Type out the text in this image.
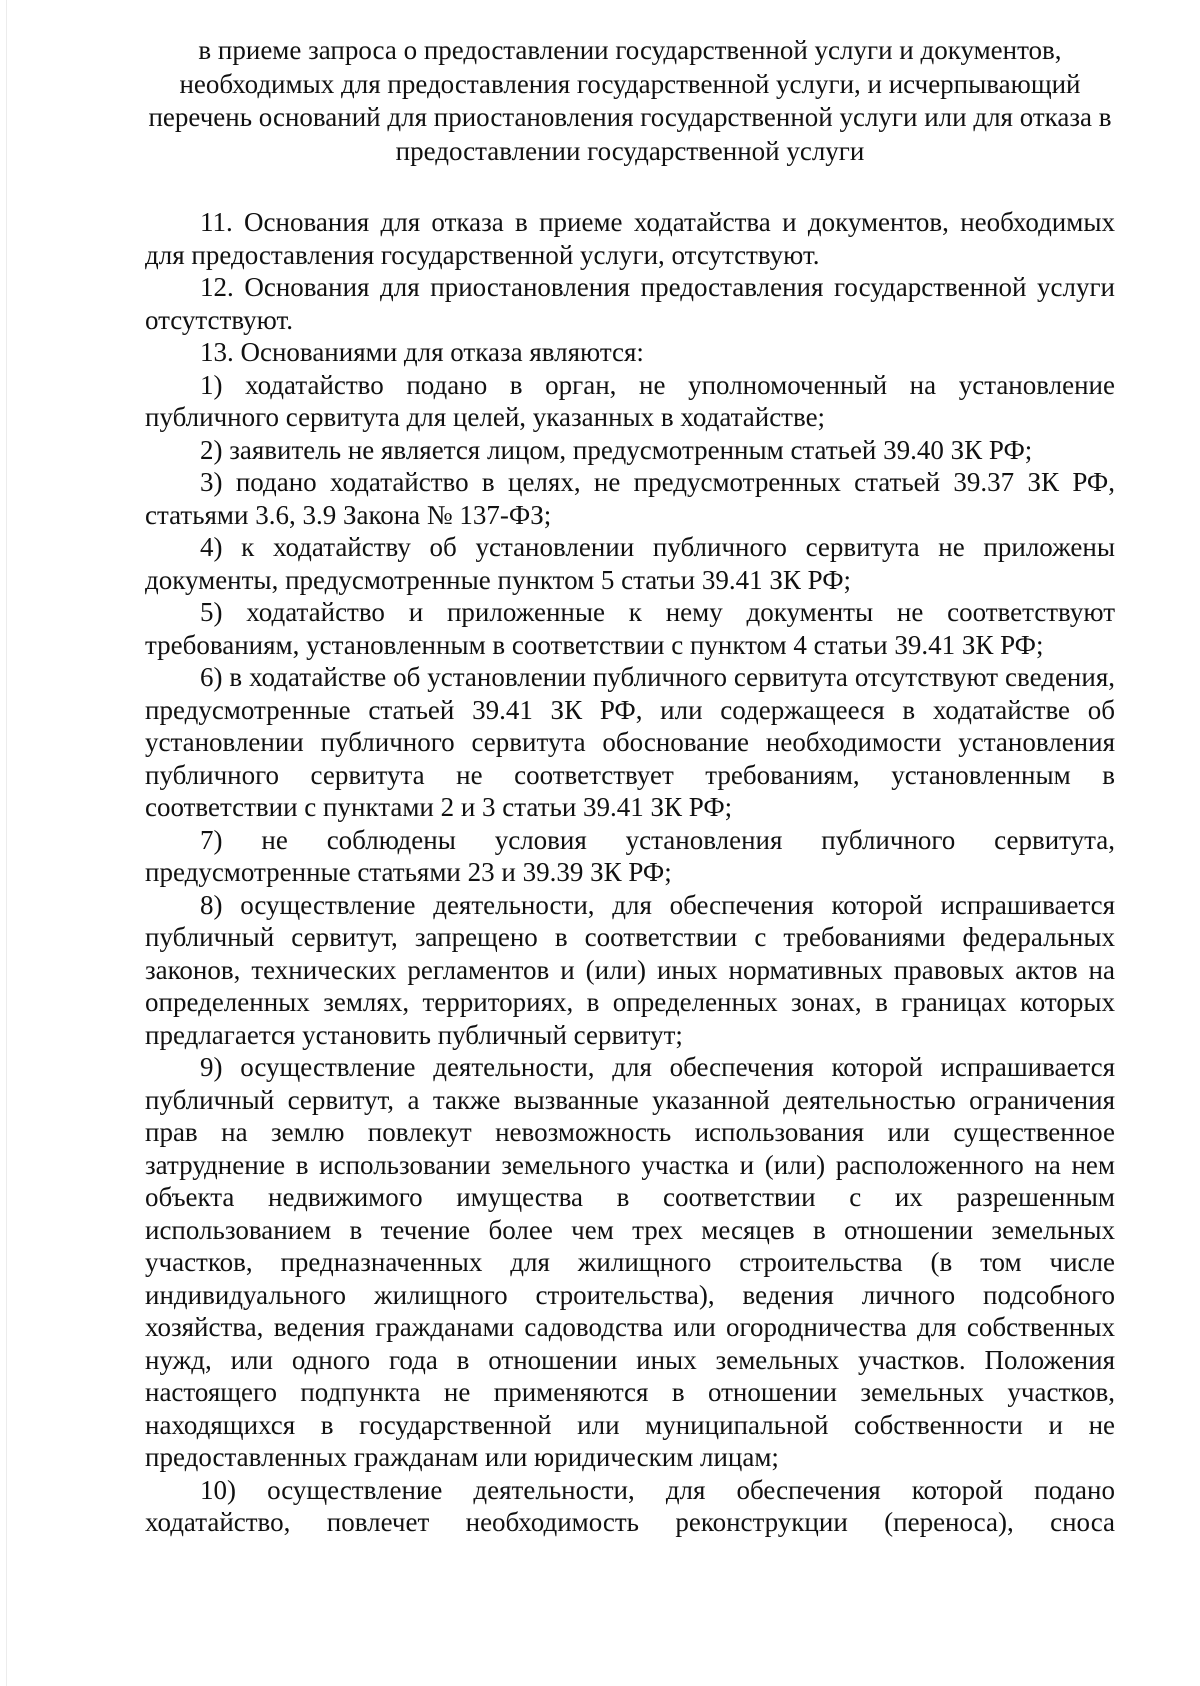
в приеме запроса о предоставлении государственной услуги и документов, необходимых для предоставления государственной услуги, и исчерпывающий перечень оснований для приостановления государственной услуги или для отказа в предоставлении государственной услуги

11. Основания для отказа в приеме ходатайства и документов, необходимых для предоставления государственной услуги, отсутствуют.

12. Основания для приостановления предоставления государственной услуги отсутствуют.

13. Основаниями для отказа являются:

1) ходатайство подано в орган, не уполномоченный на установление публичного сервитута для целей, указанных в ходатайстве;

2) заявитель не является лицом, предусмотренным статьей 39.40 ЗК РФ;

3) подано ходатайство в целях, не предусмотренных статьей 39.37 ЗК РФ, статьями 3.6, 3.9 Закона № 137-ФЗ;

4) к ходатайству об установлении публичного сервитута не приложены документы, предусмотренные пунктом 5 статьи 39.41 ЗК РФ;

5) ходатайство и приложенные к нему документы не соответствуют требованиям, установленным в соответствии с пунктом 4 статьи 39.41 ЗК РФ;

6) в ходатайстве об установлении публичного сервитута отсутствуют сведения, предусмотренные статьей 39.41 ЗК РФ, или содержащееся в ходатайстве об установлении публичного сервитута обоснование необходимости установления публичного сервитута не соответствует требованиям, установленным в соответствии с пунктами 2 и 3 статьи 39.41 ЗК РФ;

7) не соблюдены условия установления публичного сервитута, предусмотренные статьями 23 и 39.39 ЗК РФ;

8) осуществление деятельности, для обеспечения которой испрашивается публичный сервитут, запрещено в соответствии с требованиями федеральных законов, технических регламентов и (или) иных нормативных правовых актов на определенных землях, территориях, в определенных зонах, в границах которых предлагается установить публичный сервитут;

9) осуществление деятельности, для обеспечения которой испрашивается публичный сервитут, а также вызванные указанной деятельностью ограничения прав на землю повлекут невозможность использования или существенное затруднение в использовании земельного участка и (или) расположенного на нем объекта недвижимого имущества в соответствии с их разрешенным использованием в течение более чем трех месяцев в отношении земельных участков, предназначенных для жилищного строительства (в том числе индивидуального жилищного строительства), ведения личного подсобного хозяйства, ведения гражданами садоводства или огородничества для собственных нужд, или одного года в отношении иных земельных участков. Положения настоящего подпункта не применяются в отношении земельных участков, находящихся в государственной или муниципальной собственности и не предоставленных гражданам или юридическим лицам;

10) осуществление деятельности, для обеспечения которой подано ходатайство, повлечет необходимость реконструкции (переноса), сноса
